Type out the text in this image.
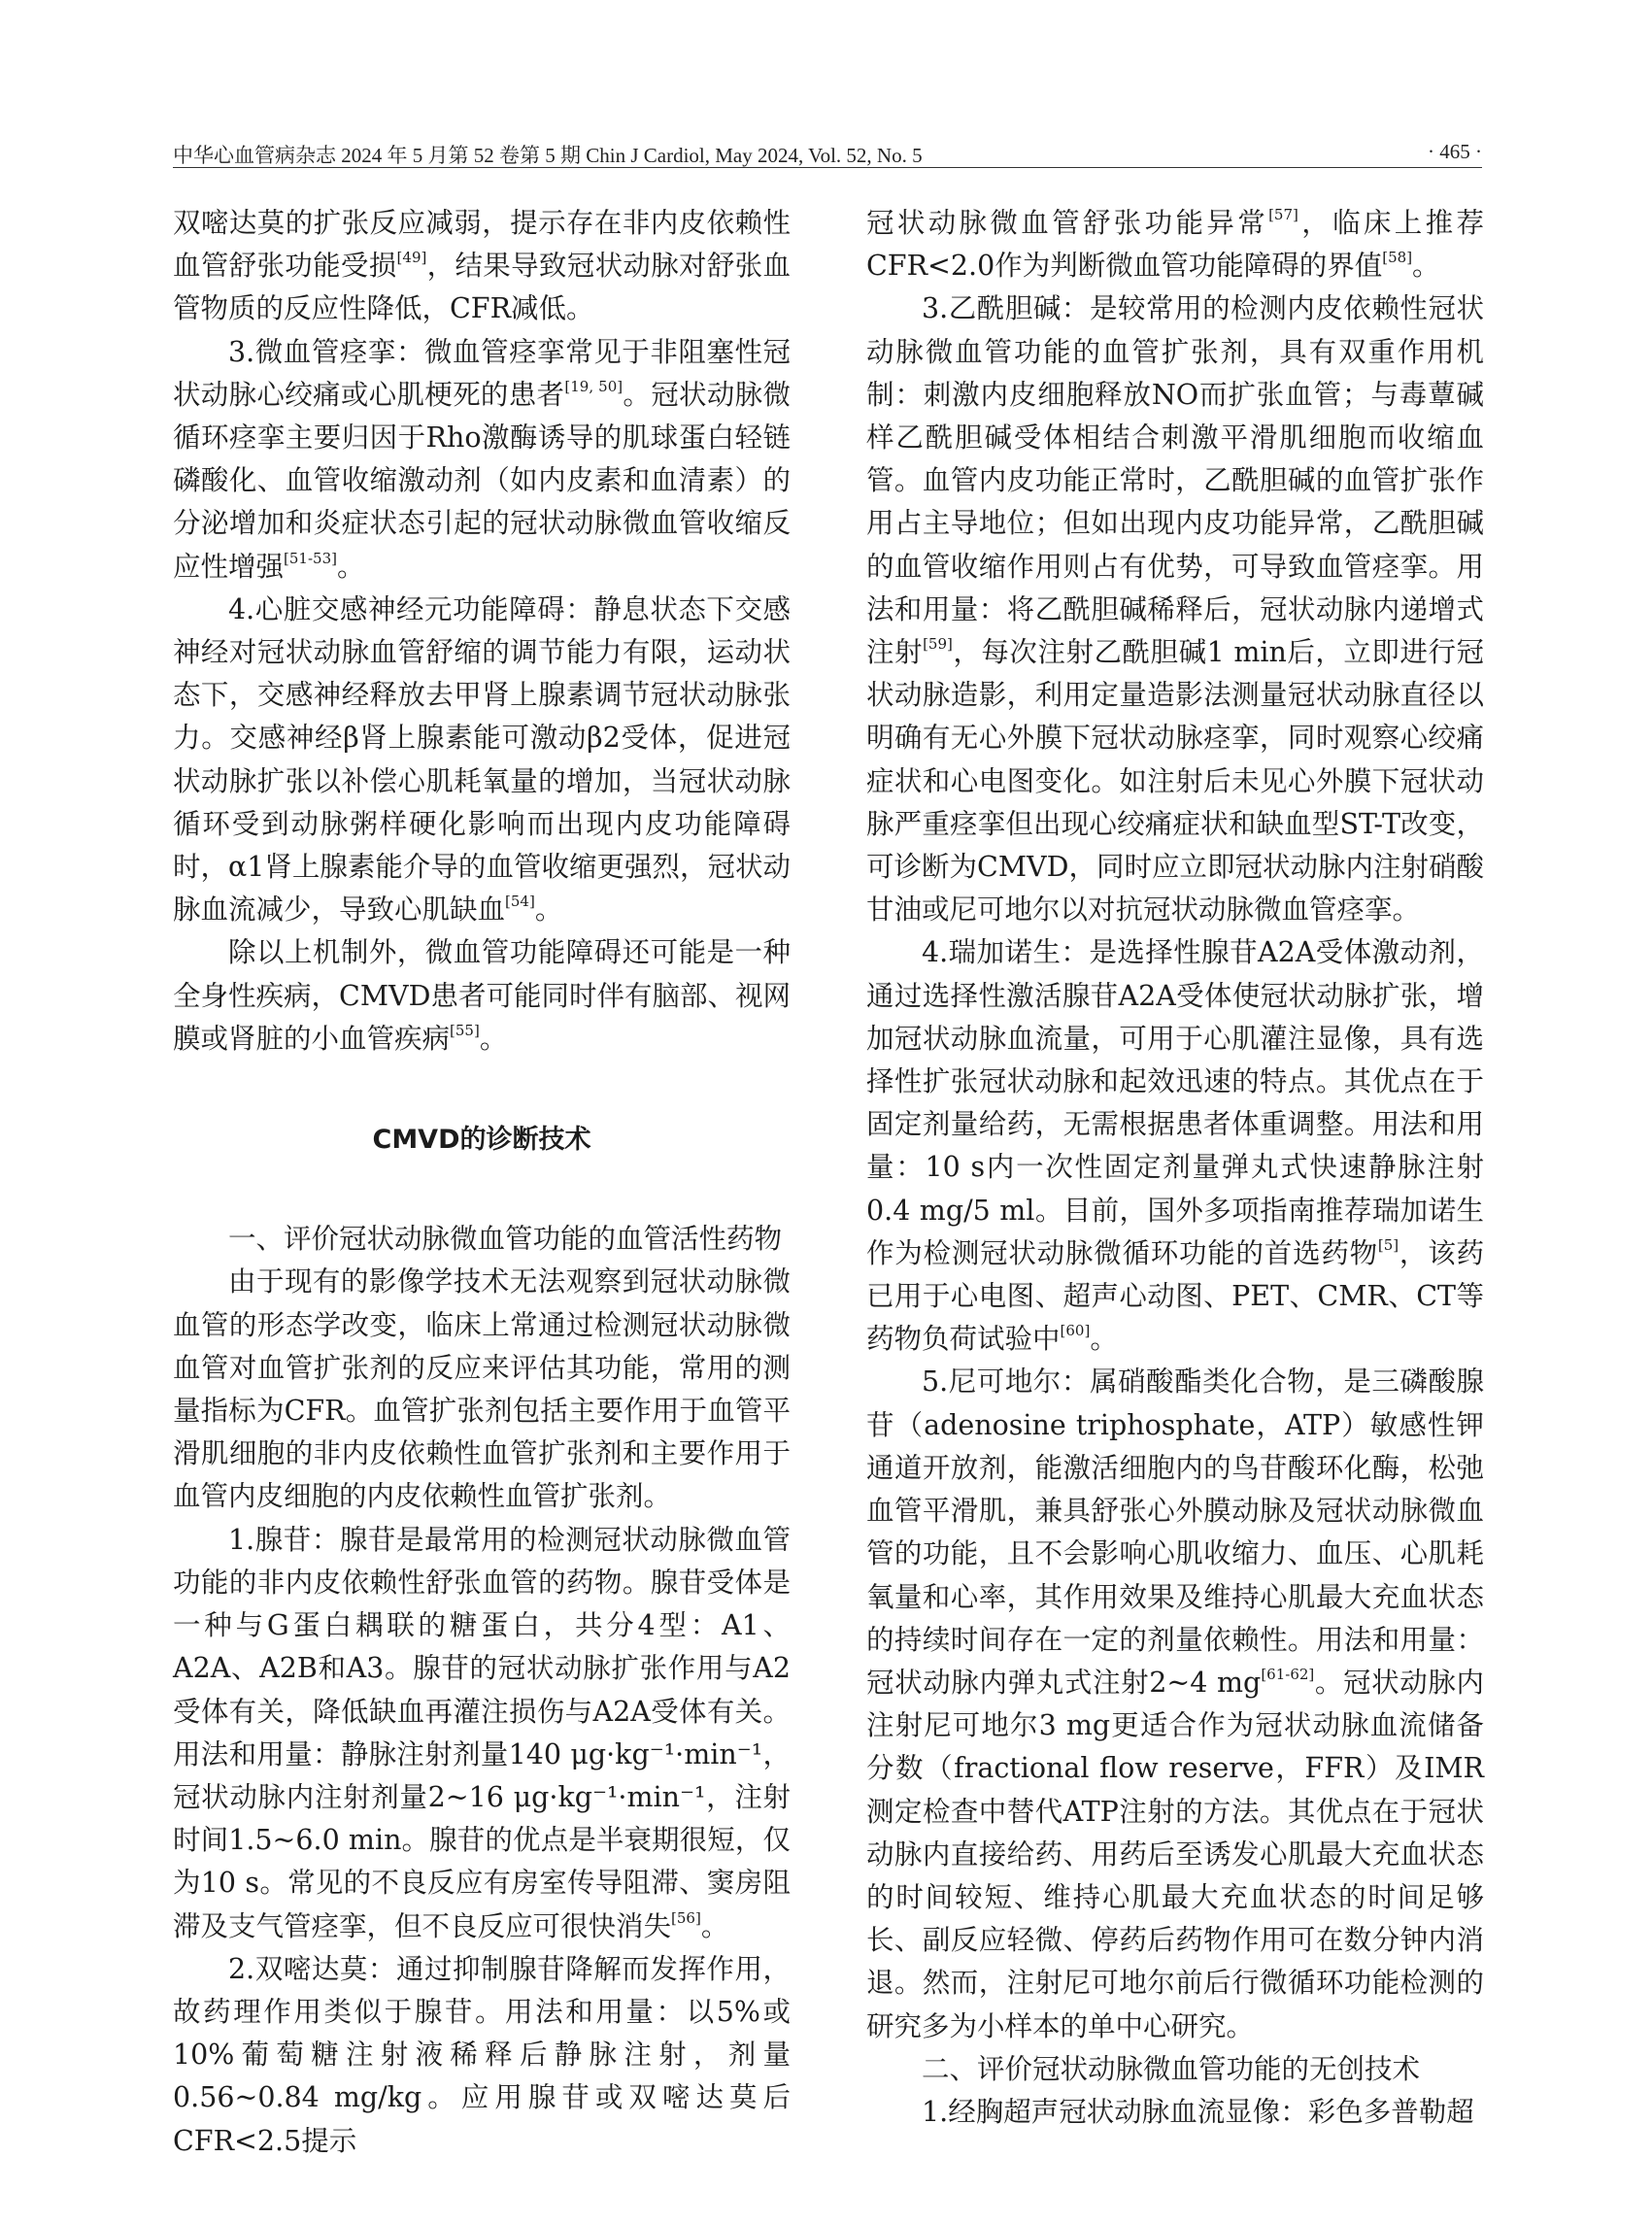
中华心血管病杂志 2024 年 5 月第 52 卷第 5 期 Chin J Cardiol, May 2024, Vol. 52, No. 5	· 465 ·

双嘧达莫的扩张反应减弱，提示存在非内皮依赖性血管舒张功能受损[49]，结果导致冠状动脉对舒张血管物质的反应性降低，CFR减低。

3.微血管痉挛：微血管痉挛常见于非阻塞性冠状动脉心绞痛或心肌梗死的患者[19, 50]。冠状动脉微循环痉挛主要归因于Rho激酶诱导的肌球蛋白轻链磷酸化、血管收缩激动剂（如内皮素和血清素）的分泌增加和炎症状态引起的冠状动脉微血管收缩反应性增强[51-53]。

4.心脏交感神经元功能障碍：静息状态下交感神经对冠状动脉血管舒缩的调节能力有限，运动状态下，交感神经释放去甲肾上腺素调节冠状动脉张力。交感神经β肾上腺素能可激动β2受体，促进冠状动脉扩张以补偿心肌耗氧量的增加，当冠状动脉循环受到动脉粥样硬化影响而出现内皮功能障碍时，α1肾上腺素能介导的血管收缩更强烈，冠状动脉血流减少，导致心肌缺血[54]。

除以上机制外，微血管功能障碍还可能是一种全身性疾病，CMVD患者可能同时伴有脑部、视网膜或肾脏的小血管疾病[55]。

CMVD的诊断技术

一、评价冠状动脉微血管功能的血管活性药物

由于现有的影像学技术无法观察到冠状动脉微血管的形态学改变，临床上常通过检测冠状动脉微血管对血管扩张剂的反应来评估其功能，常用的测量指标为CFR。血管扩张剂包括主要作用于血管平滑肌细胞的非内皮依赖性血管扩张剂和主要作用于血管内皮细胞的内皮依赖性血管扩张剂。

1.腺苷：腺苷是最常用的检测冠状动脉微血管功能的非内皮依赖性舒张血管的药物。腺苷受体是一种与G蛋白耦联的糖蛋白，共分4型：A1、A2A、A2B和A3。腺苷的冠状动脉扩张作用与A2受体有关，降低缺血再灌注损伤与A2A受体有关。用法和用量：静脉注射剂量140 μg·kg⁻¹·min⁻¹，冠状动脉内注射剂量2~16 μg·kg⁻¹·min⁻¹，注射时间1.5~6.0 min。腺苷的优点是半衰期很短，仅为10 s。常见的不良反应有房室传导阻滞、窦房阻滞及支气管痉挛，但不良反应可很快消失[56]。

2.双嘧达莫：通过抑制腺苷降解而发挥作用，故药理作用类似于腺苷。用法和用量：以5%或10%葡萄糖注射液稀释后静脉注射，剂量0.56~0.84 mg/kg。应用腺苷或双嘧达莫后CFR<2.5提示

冠状动脉微血管舒张功能异常[57]，临床上推荐CFR<2.0作为判断微血管功能障碍的界值[58]。

3.乙酰胆碱：是较常用的检测内皮依赖性冠状动脉微血管功能的血管扩张剂，具有双重作用机制：刺激内皮细胞释放NO而扩张血管；与毒蕈碱样乙酰胆碱受体相结合刺激平滑肌细胞而收缩血管。血管内皮功能正常时，乙酰胆碱的血管扩张作用占主导地位；但如出现内皮功能异常，乙酰胆碱的血管收缩作用则占有优势，可导致血管痉挛。用法和用量：将乙酰胆碱稀释后，冠状动脉内递增式注射[59]，每次注射乙酰胆碱1 min后，立即进行冠状动脉造影，利用定量造影法测量冠状动脉直径以明确有无心外膜下冠状动脉痉挛，同时观察心绞痛症状和心电图变化。如注射后未见心外膜下冠状动脉严重痉挛但出现心绞痛症状和缺血型ST-T改变，可诊断为CMVD，同时应立即冠状动脉内注射硝酸甘油或尼可地尔以对抗冠状动脉微血管痉挛。

4.瑞加诺生：是选择性腺苷A2A受体激动剂，通过选择性激活腺苷A2A受体使冠状动脉扩张，增加冠状动脉血流量，可用于心肌灌注显像，具有选择性扩张冠状动脉和起效迅速的特点。其优点在于固定剂量给药，无需根据患者体重调整。用法和用量：10 s内一次性固定剂量弹丸式快速静脉注射0.4 mg/5 ml。目前，国外多项指南推荐瑞加诺生作为检测冠状动脉微循环功能的首选药物[5]，该药已用于心电图、超声心动图、PET、CMR、CT等药物负荷试验中[60]。

5.尼可地尔：属硝酸酯类化合物，是三磷酸腺苷（adenosine triphosphate，ATP）敏感性钾通道开放剂，能激活细胞内的鸟苷酸环化酶，松弛血管平滑肌，兼具舒张心外膜动脉及冠状动脉微血管的功能，且不会影响心肌收缩力、血压、心肌耗氧量和心率，其作用效果及维持心肌最大充血状态的持续时间存在一定的剂量依赖性。用法和用量：冠状动脉内弹丸式注射2~4 mg[61-62]。冠状动脉内注射尼可地尔3 mg更适合作为冠状动脉血流储备分数（fractional flow reserve，FFR）及IMR测定检查中替代ATP注射的方法。其优点在于冠状动脉内直接给药、用药后至诱发心肌最大充血状态的时间较短、维持心肌最大充血状态的时间足够长、副反应轻微、停药后药物作用可在数分钟内消退。然而，注射尼可地尔前后行微循环功能检测的研究多为小样本的单中心研究。

二、评价冠状动脉微血管功能的无创技术

1.经胸超声冠状动脉血流显像：彩色多普勒超
